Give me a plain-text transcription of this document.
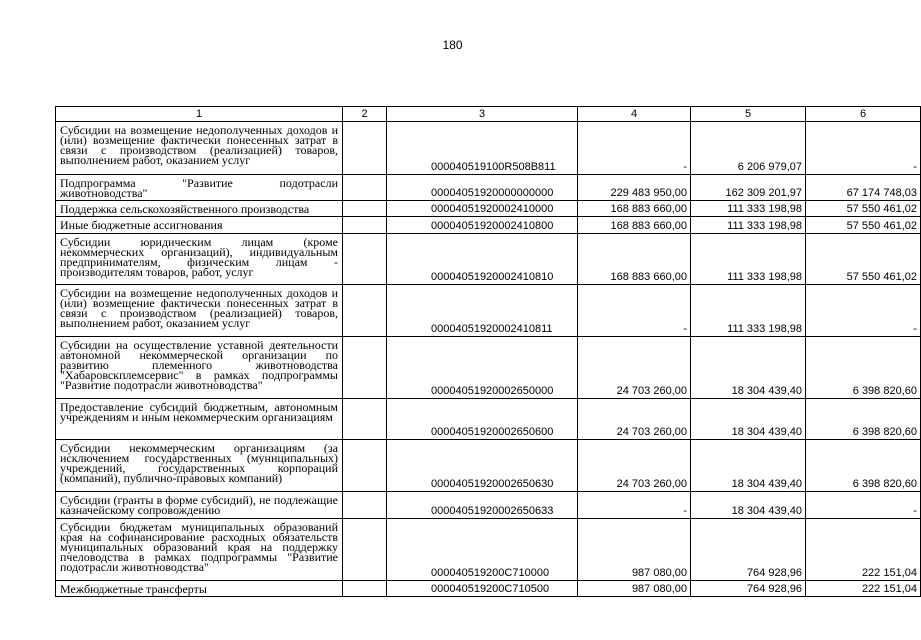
180
1	2	3	4	5	6
Субсидии на возмещение недополученных доходов и (или) возмещение фактически понесенных затрат в связи с производством (реализацией) товаров, выполнением работ, оказанием услуг		000040519100R508B811	-	6 206 979,07	-
Подпрограмма "Развитие подотрасли животноводства"		00004051920000000000	229 483 950,00	162 309 201,97	67 174 748,03
Поддержка сельскохозяйственного производства		00004051920002410000	168 883 660,00	111 333 198,98	57 550 461,02
Иные бюджетные ассигнования		00004051920002410800	168 883 660,00	111 333 198,98	57 550 461,02
Субсидии юридическим лицам (кроме некоммерческих организаций), индивидуальным предпринимателям, физическим лицам - производителям товаров, работ, услуг		00004051920002410810	168 883 660,00	111 333 198,98	57 550 461,02
Субсидии на возмещение недополученных доходов и (или) возмещение фактически понесенных затрат в связи с производством (реализацией) товаров, выполнением работ, оказанием услуг		00004051920002410811	-	111 333 198,98	-
Субсидии на осуществление уставной деятельности автономной некоммерческой организации по развитию племенного животноводства "Хабаровскплемсервис" в рамках подпрограммы "Развитие подотрасли животноводства"		00004051920002650000	24 703 260,00	18 304 439,40	6 398 820,60
Предоставление субсидий бюджетным, автономным учреждениям и иным некоммерческим организациям		00004051920002650600	24 703 260,00	18 304 439,40	6 398 820,60
Субсидии некоммерческим организациям (за исключением государственных (муниципальных) учреждений, государственных корпораций (компаний), публично-правовых компаний)		00004051920002650630	24 703 260,00	18 304 439,40	6 398 820,60
Субсидии (гранты в форме субсидий), не подлежащие казначейскому сопровождению		00004051920002650633	-	18 304 439,40	-
Субсидии бюджетам муниципальных образований края на софинансирование расходных обязательств муниципальных образований края на поддержку пчеловодства в рамках подпрограммы "Развитие подотрасли животноводства"		000040519200С710000	987 080,00	764 928,96	222 151,04
Межбюджетные трансферты		000040519200С710500	987 080,00	764 928,96	222 151,04
